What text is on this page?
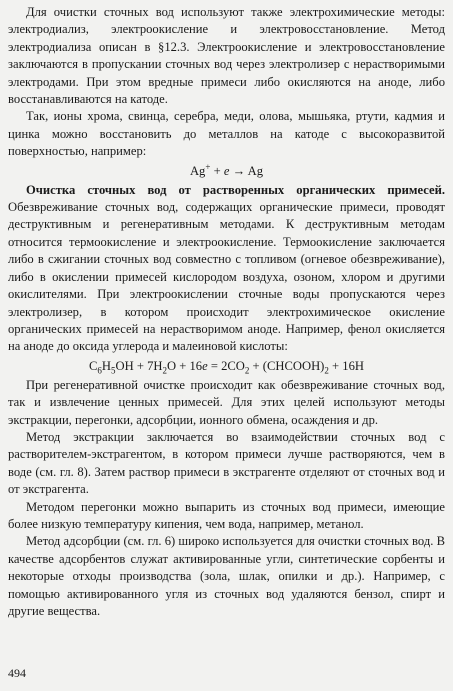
Для очистки сточных вод используют также электрохимические методы: электродиализ, электроокисление и электровосстановление. Метод электродиализа описан в §12.3. Электроокисление и электровосстановление заключаются в пропускании сточных вод через электролизер с нерастворимыми электродами. При этом вредные примеси либо окисляются на аноде, либо восстанавливаются на катоде.

Так, ионы хрома, свинца, серебра, меди, олова, мышьяка, ртути, кадмия и цинка можно восстановить до металлов на катоде с высокоразвитой поверхностью, например:

Ag+ + e → Ag

Очистка сточных вод от растворенных органических примесей. Обезвреживание сточных вод, содержащих органические примеси, проводят деструктивным и регенеративным методами. К деструктивным методам относится термоокисление и электроокисление. Термоокисление заключается либо в сжигании сточных вод совместно с топливом (огневое обезвреживание), либо в окислении примесей кислородом воздуха, озоном, хлором и другими окислителями. При электроокислении сточные воды пропускаются через электролизер, в котором происходит электрохимическое окисление органических примесей на нерастворимом аноде. Например, фенол окисляется на аноде до оксида углерода и малеиновой кислоты:

$C_6H_5OH + 7H_2O + 16e = 2CO_2$ + $(CHCOOH)_2 + 16H$

При регенеративной очистке происходит как обезвреживание сточных вод, так и извлечение ценных примесей. Для этих целей используют методы экстракции, перегонки, адсорбции, ионного обмена, осаждения и др.

Метод экстракции заключается во взаимодействии сточных вод с растворителем-экстрагентом, в котором примеси лучше растворяются, чем в воде (см. гл. 8). Затем раствор примеси в экстрагенте отделяют от сточных вод и от экстрагента.

Методом перегонки можно выпарить из сточных вод примеси, имеющие более низкую температуру кипения, чем вода, например, метанол.

Метод адсорбции (см. гл. 6) широко используется для очистки сточных вод. В качестве адсорбентов служат активированные угли, синтетические сорбенты и некоторые отходы производства (зола, шлак, опилки и др.). Например, с помощью активированного угля из сточных вод удаляются бензол, спирт и другие вещества.

494
